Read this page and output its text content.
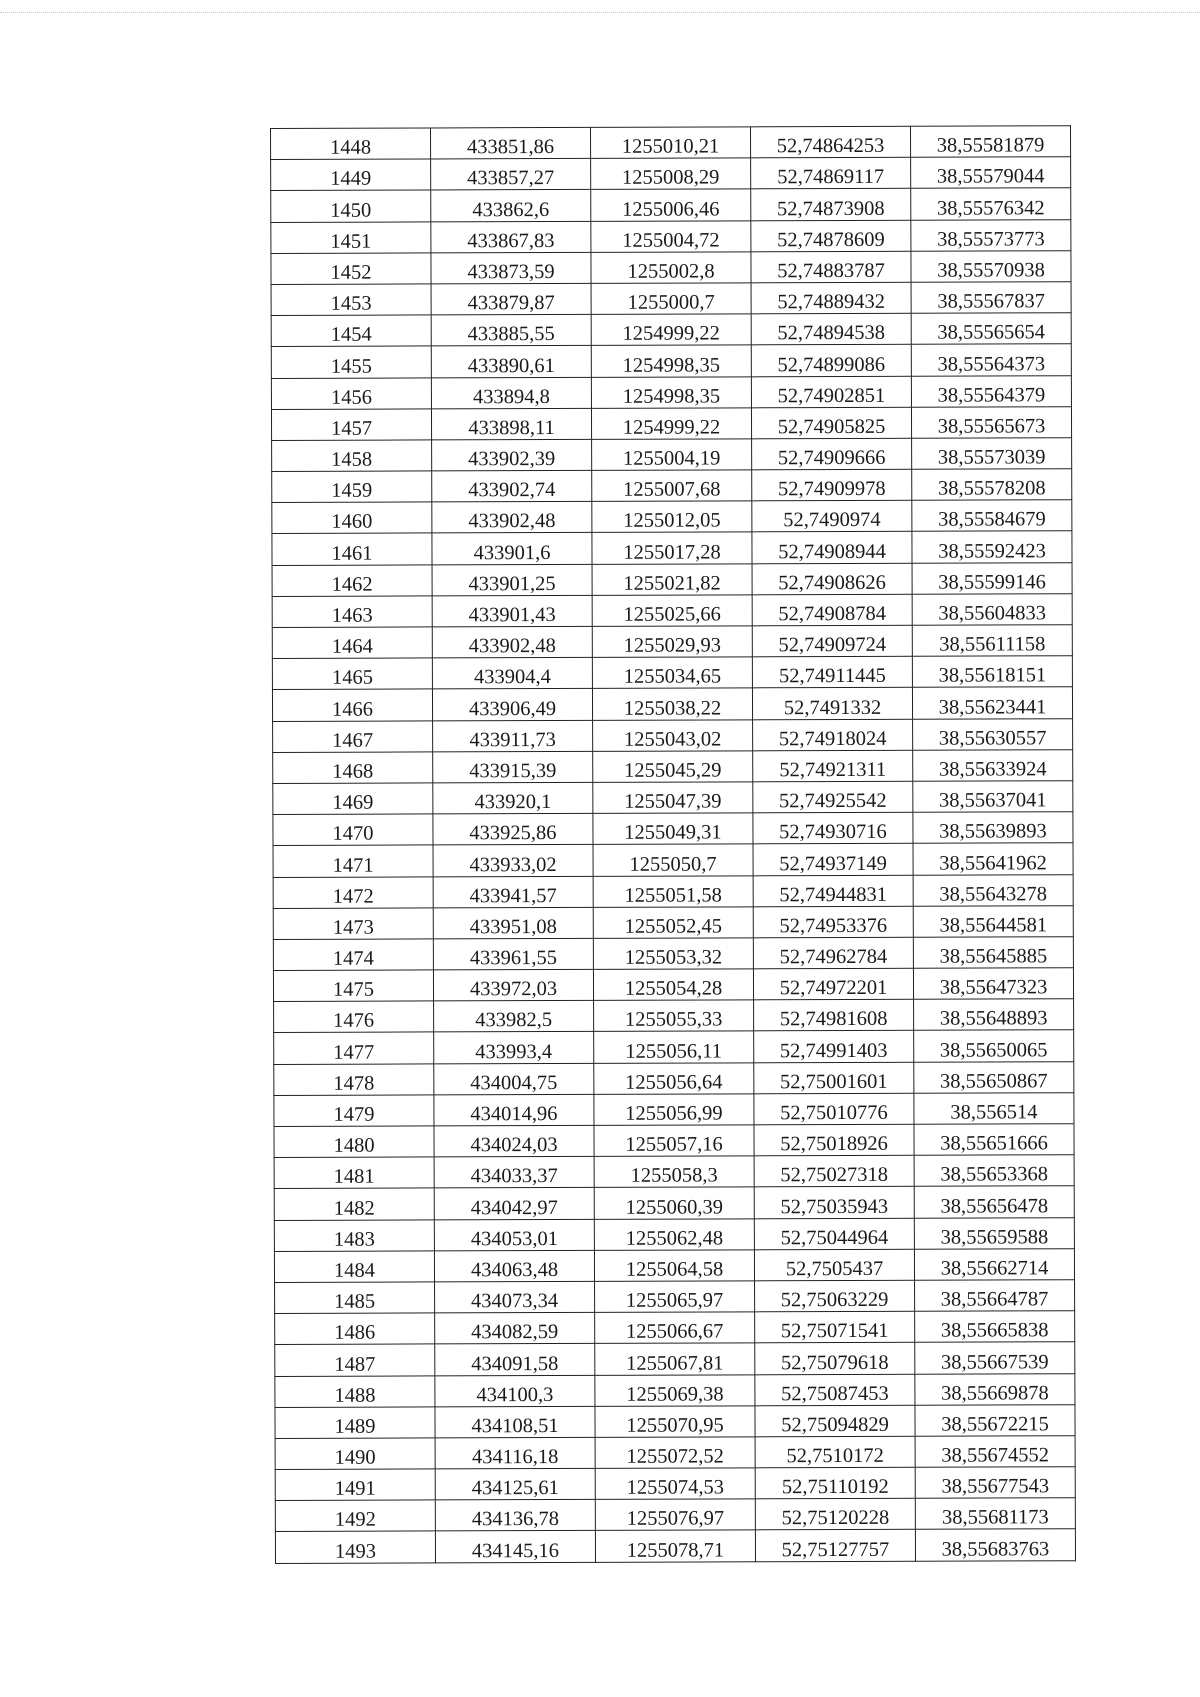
1448	433851,86	1255010,21	52,74864253	38,55581879
1449	433857,27	1255008,29	52,74869117	38,55579044
1450	433862,6	1255006,46	52,74873908	38,55576342
1451	433867,83	1255004,72	52,74878609	38,55573773
1452	433873,59	1255002,8	52,74883787	38,55570938
1453	433879,87	1255000,7	52,74889432	38,55567837
1454	433885,55	1254999,22	52,74894538	38,55565654
1455	433890,61	1254998,35	52,74899086	38,55564373
1456	433894,8	1254998,35	52,74902851	38,55564379
1457	433898,11	1254999,22	52,74905825	38,55565673
1458	433902,39	1255004,19	52,74909666	38,55573039
1459	433902,74	1255007,68	52,74909978	38,55578208
1460	433902,48	1255012,05	52,7490974	38,55584679
1461	433901,6	1255017,28	52,74908944	38,55592423
1462	433901,25	1255021,82	52,74908626	38,55599146
1463	433901,43	1255025,66	52,74908784	38,55604833
1464	433902,48	1255029,93	52,74909724	38,55611158
1465	433904,4	1255034,65	52,74911445	38,55618151
1466	433906,49	1255038,22	52,7491332	38,55623441
1467	433911,73	1255043,02	52,74918024	38,55630557
1468	433915,39	1255045,29	52,74921311	38,55633924
1469	433920,1	1255047,39	52,74925542	38,55637041
1470	433925,86	1255049,31	52,74930716	38,55639893
1471	433933,02	1255050,7	52,74937149	38,55641962
1472	433941,57	1255051,58	52,74944831	38,55643278
1473	433951,08	1255052,45	52,74953376	38,55644581
1474	433961,55	1255053,32	52,74962784	38,55645885
1475	433972,03	1255054,28	52,74972201	38,55647323
1476	433982,5	1255055,33	52,74981608	38,55648893
1477	433993,4	1255056,11	52,74991403	38,55650065
1478	434004,75	1255056,64	52,75001601	38,55650867
1479	434014,96	1255056,99	52,75010776	38,556514
1480	434024,03	1255057,16	52,75018926	38,55651666
1481	434033,37	1255058,3	52,75027318	38,55653368
1482	434042,97	1255060,39	52,75035943	38,55656478
1483	434053,01	1255062,48	52,75044964	38,55659588
1484	434063,48	1255064,58	52,7505437	38,55662714
1485	434073,34	1255065,97	52,75063229	38,55664787
1486	434082,59	1255066,67	52,75071541	38,55665838
1487	434091,58	1255067,81	52,75079618	38,55667539
1488	434100,3	1255069,38	52,75087453	38,55669878
1489	434108,51	1255070,95	52,75094829	38,55672215
1490	434116,18	1255072,52	52,7510172	38,55674552
1491	434125,61	1255074,53	52,75110192	38,55677543
1492	434136,78	1255076,97	52,75120228	38,55681173
1493	434145,16	1255078,71	52,75127757	38,55683763
